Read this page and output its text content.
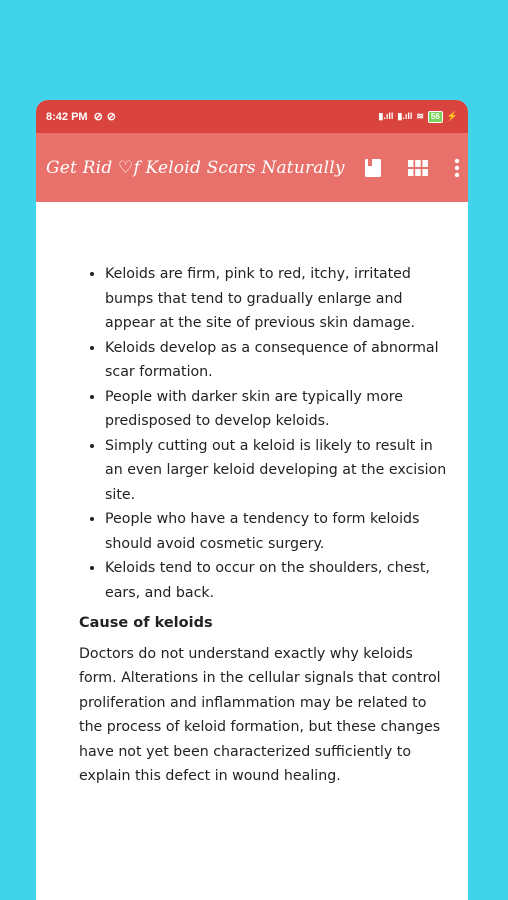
8:42 PM ⊘ ⊘	▮.ıll ▮.ıll ≋ 56 ⚡
Get Rid ♡f Keloid Scars Naturally
• Keloids are firm, pink to red, itchy, irritated bumps that tend to gradually enlarge and appear at the site of previous skin damage.
• Keloids develop as a consequence of abnormal scar formation.
• People with darker skin are typically more predisposed to develop keloids.
• Simply cutting out a keloid is likely to result in an even larger keloid developing at the excision site.
• People who have a tendency to form keloids should avoid cosmetic surgery.
• Keloids tend to occur on the shoulders, chest, ears, and back.
Cause of keloids

Doctors do not understand exactly why keloids form. Alterations in the cellular signals that control proliferation and inflammation may be related to the process of keloid formation, but these changes have not yet been characterized sufficiently to explain this defect in wound healing.
